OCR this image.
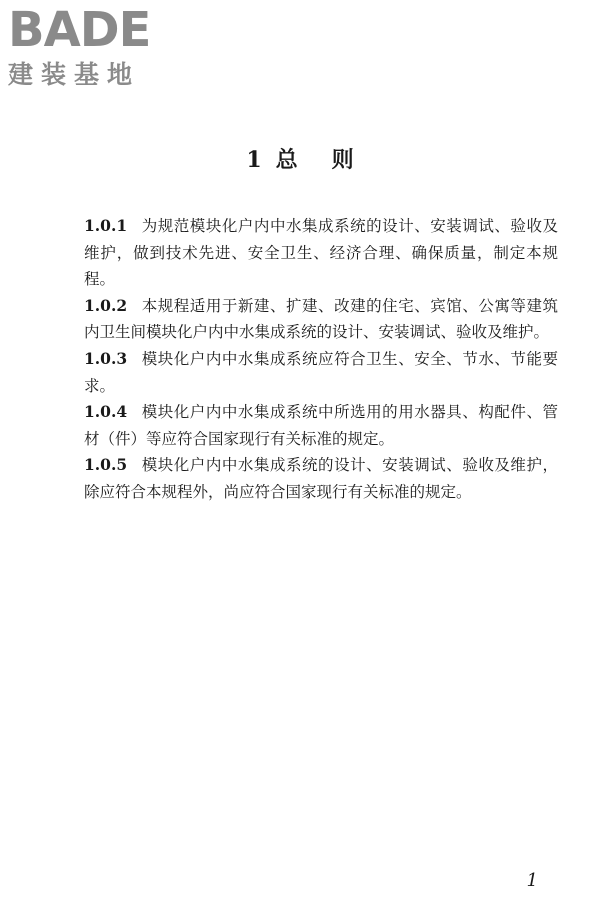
BADE
建装基地
1 总 则

1.0.1 为规范模块化户内中水集成系统的设计、安装调试、验收及维护，做到技术先进、安全卫生、经济合理、确保质量，制定本规程。

1.0.2 本规程适用于新建、扩建、改建的住宅、宾馆、公寓等建筑内卫生间模块化户内中水集成系统的设计、安装调试、验收及维护。

1.0.3 模块化户内中水集成系统应符合卫生、安全、节水、节能要求。

1.0.4 模块化户内中水集成系统中所选用的用水器具、构配件、管材（件）等应符合国家现行有关标准的规定。

1.0.5 模块化户内中水集成系统的设计、安装调试、验收及维护，除应符合本规程外，尚应符合国家现行有关标准的规定。

1
